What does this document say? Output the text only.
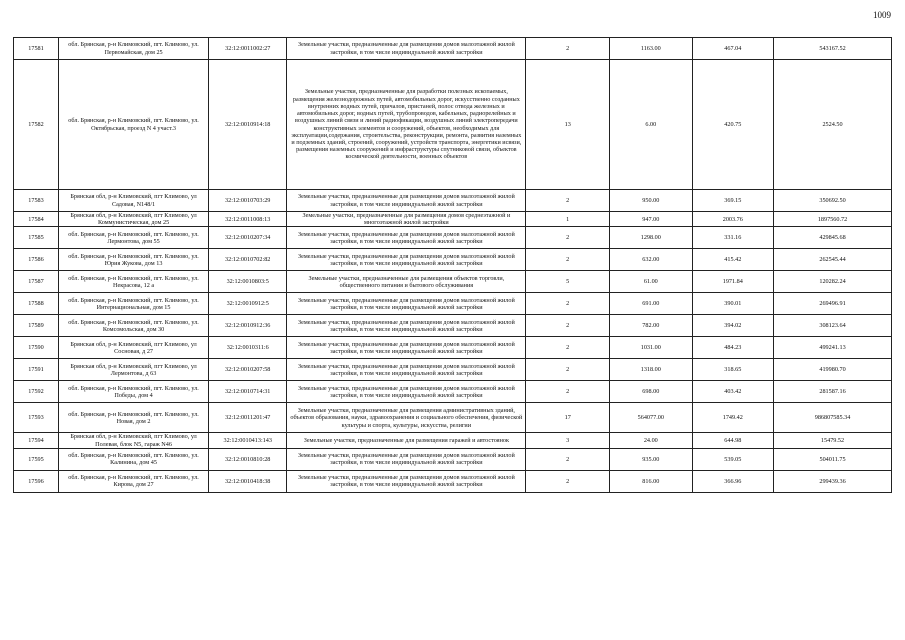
1009
17581	обл. Брянская, р-н Климовский, пгт. Климово, ул. Первомайская, дом 25	32:12:0011002:27	Земельные участки, предназначенные для размещения домов малоэтажной жилой застройки, в том числе индивидуальной жилой застройки	2	1163.00	467.04	543167.52
17582	обл. Брянская, р-н Климовский, пгт. Климово, ул. Октябрьская, проезд N 4 участ.3	32:12:0010914:18	Земельные участки, предназначенные для разработки полезных ископаемых, размещения железнодорожных путей, автомобильных дорог, искусственно созданных внутренних водных путей, причалов, пристаней, полос отвода железных и автомобильных дорог, водных путей, трубопроводов, кабельных, радиорелейных и воздушных линий связи и линий радиофикации, воздушных линий электропередачи конструктивных элементов и сооружений, объектов, необходимых для эксплуатации,содержания, строительства, реконструкции, ремонта, развития наземных и подземных зданий, строений, сооружений, устройств транспорта, энергетики исвязи, размещения наземных сооружений и инфраструктуры спутниковой связи, объектов космической деятельности, военных объектов	13	6.00	420.75	2524.50
17583	Брянская обл, р-н Климовский, пгт Климово, ул Садовая, N148/1	32:12:0010703:29	Земельные участки, предназначенные для размещения домов малоэтажной жилой застройки, в том числе индивидуальной жилой застройки	2	950.00	369.15	350692.50
17584	Брянская обл, р-н Климовский, пгт Климово, ул Коммунистическая, дом 25	32:12:0011008:13	Земельные участки, предназначенные для размещения домов среднеэтажной и многоэтажной жилой застройки	1	947.00	2003.76	1897560.72
17585	обл. Брянская, р-н Климовский, пгт. Климово, ул. Лермонтова, дом 55	32:12:0010207:34	Земельные участки, предназначенные для размещения домов малоэтажной жилой застройки, в том числе индивидуальной жилой застройки	2	1298.00	331.16	429845.68
17586	обл. Брянская, р-н Климовский, пгт. Климово, ул. Юрия Жукова, дом 13	32:12:0010702:82	Земельные участки, предназначенные для размещения домов малоэтажной жилой застройки, в том числе индивидуальной жилой застройки	2	632.00	415.42	262545.44
17587	обл. Брянская, р-н Климовский, пгт. Климово, ул. Некрасова, 12 а	32:12:0010803:5	Земельные участки, предназначенные для размещения объектов торговли, общественного питания и бытового обслуживания	5	61.00	1971.84	120282.24
17588	обл. Брянская, р-н Климовский, пгт. Климово, ул. Интернациональная, дом 15	32:12:0010912:5	Земельные участки, предназначенные для размещения домов малоэтажной жилой застройки, в том числе индивидуальной жилой застройки	2	691.00	390.01	269496.91
17589	обл. Брянская, р-н Климовский, пгт. Климово, ул. Комсомольская, дом 30	32:12:0010912:36	Земельные участки, предназначенные для размещения домов малоэтажной жилой застройки, в том числе индивидуальной жилой застройки	2	782.00	394.02	308123.64
17590	Брянская обл, р-н Климовский, пгт Климово, ул Сосновая, д 27	32:12:0010311:6	Земельные участки, предназначенные для размещения домов малоэтажной жилой застройки, в том числе индивидуальной жилой застройки	2	1031.00	484.23	499241.13
17591	Брянская обл, р-н Климовский, пгт Климово, ул Лермонтова, д 63	32:12:0010207:58	Земельные участки, предназначенные для размещения домов малоэтажной жилой застройки, в том числе индивидуальной жилой застройки	2	1318.00	318.65	419980.70
17592	обл. Брянская, р-н Климовский, пгт. Климово, ул. Победы, дом 4	32:12:0010714:31	Земельные участки, предназначенные для размещения домов малоэтажной жилой застройки, в том числе индивидуальной жилой застройки	2	698.00	403.42	281587.16
17593	обл. Брянская, р-н Климовский, пгт. Климово, ул. Новая, дом 2	32:12:0011201:47	Земельные участки, предназначенные для размещения административных зданий, объектов образования, науки, здравоохранения и социального обеспечения, физической культуры и спорта, культуры, искусства, религии	17	564077.00	1749.42	986807585.34
17594	Брянская обл, р-н Климовский, пгт Климово, ул Полевая, блок N5, гараж N46	32:12:0010413:143	Земельные участки, предназначенные для размещения гаражей и автостоянок	3	24.00	644.98	15479.52
17595	обл. Брянская, р-н Климовский, пгт. Климово, ул. Калинина, дом 45	32:12:0010810:28	Земельные участки, предназначенные для размещения домов малоэтажной жилой застройки, в том числе индивидуальной жилой застройки	2	935.00	539.05	504011.75
17596	обл. Брянская, р-н Климовский, пгт. Климово, ул. Кирова, дом 27	32:12:0010418:38	Земельные участки, предназначенные для размещения домов малоэтажной жилой застройки, в том числе индивидуальной жилой застройки	2	816.00	366.96	299439.36
